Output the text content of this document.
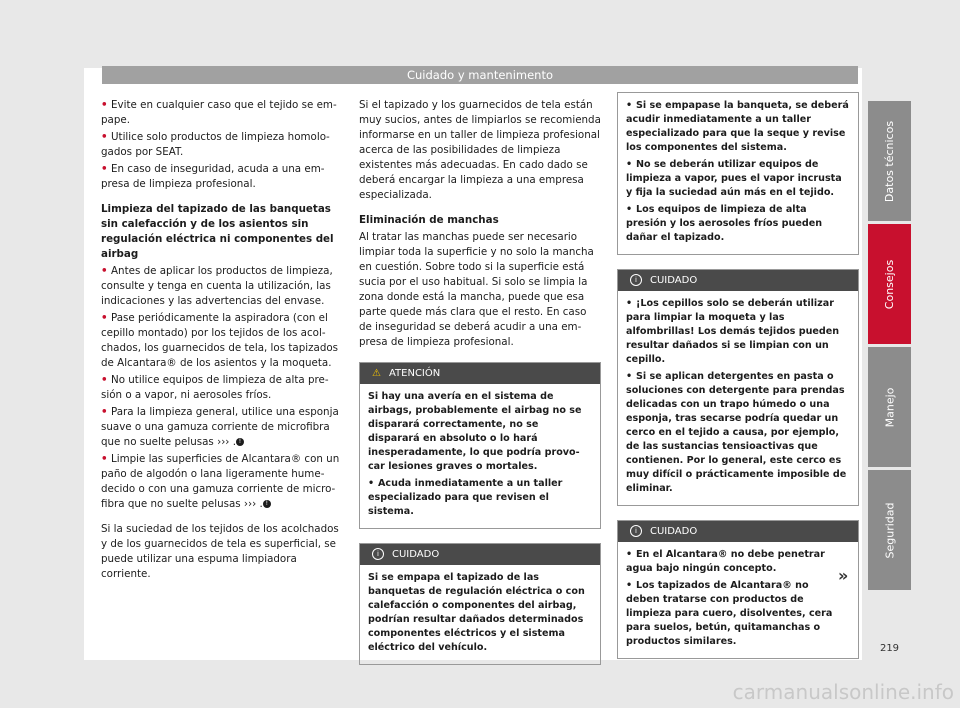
Cuidado y mantenimento

• Evite en cualquier caso que el tejido se empape.

• Utilice solo productos de limpieza homologados por SEAT.

• En caso de inseguridad, acuda a una empresa de limpieza profesional.

Limpieza del tapizado de las banquetas sin calefacción y de los asientos sin regulación eléctrica ni componentes del airbag

• Antes de aplicar los productos de limpieza, consulte y tenga en cuenta la utilización, las indicaciones y las advertencias del envase.

• Pase periódicamente la aspiradora (con el cepillo montado) por los tejidos de los acolchados, los guarnecidos de tela, los tapizados de Alcantara® de los asientos y la moqueta.

• No utilice equipos de limpieza de alta presión o a vapor, ni aerosoles fríos.

• Para la limpieza general, utilice una esponja suave o una gamuza corriente de microfibra que no suelte pelusas ››› . !

• Limpie las superficies de Alcantara® con un paño de algodón o lana ligeramente humedecido o con una gamuza corriente de microfibra que no suelte pelusas ››› . !

Si la suciedad de los tejidos de los acolchados y de los guarnecidos de tela es superficial, se puede utilizar una espuma limpiadora corriente.

Si el tapizado y los guarnecidos de tela están muy sucios, antes de limpiarlos se recomienda informarse en un taller de limpieza profesional acerca de las posibilidades de limpieza existentes más adecuadas. En cado dado se deberá encargar la limpieza a una empresa especializada.

Eliminación de manchas

Al tratar las manchas puede ser necesario limpiar toda la superficie y no solo la mancha en cuestión. Sobre todo si la superficie está sucia por el uso habitual. Si solo se limpia la zona donde está la mancha, puede que esa parte quede más clara que el resto. En caso de inseguridad se deberá acudir a una empresa de limpieza profesional.

⚠ ATENCIÓN

Si hay una avería en el sistema de airbags, probablemente el airbag no se disparará correctamente, no se disparará en absoluto o lo hará inesperadamente, lo que podría provocar lesiones graves o mortales.

• Acuda inmediatamente a un taller especializado para que revisen el sistema.

i CUIDADO

Si se empapa el tapizado de las banquetas de regulación eléctrica o con calefacción o componentes del airbag, podrían resultar dañados determinados componentes eléctricos y el sistema eléctrico del vehículo.

• Si se empapase la banqueta, se deberá acudir inmediatamente a un taller especializado para que la seque y revise los componentes del sistema.

• No se deberán utilizar equipos de limpieza a vapor, pues el vapor incrusta y fija la suciedad aún más en el tejido.

• Los equipos de limpieza de alta presión y los aerosoles fríos pueden dañar el tapizado.

i CUIDADO

• ¡Los cepillos solo se deberán utilizar para limpiar la moqueta y las alfombrillas! Los demás tejidos pueden resultar dañados si se limpian con un cepillo.

• Si se aplican detergentes en pasta o soluciones con detergente para prendas delicadas con un trapo húmedo o una esponja, tras secarse podría quedar un cerco en el tejido a causa, por ejemplo, de las sustancias tensioactivas que contienen. Por lo general, este cerco es muy difícil o prácticamente imposible de eliminar.

i CUIDADO

• En el Alcantara® no debe penetrar agua bajo ningún concepto.

• Los tapizados de Alcantara® no deben tratarse con productos de limpieza para cuero, disolventes, cera para suelos, betún, quitamanchas o productos similares.

»
Datos técnicos
Consejos
Manejo
Seguridad
219
carmanualsonline.info
